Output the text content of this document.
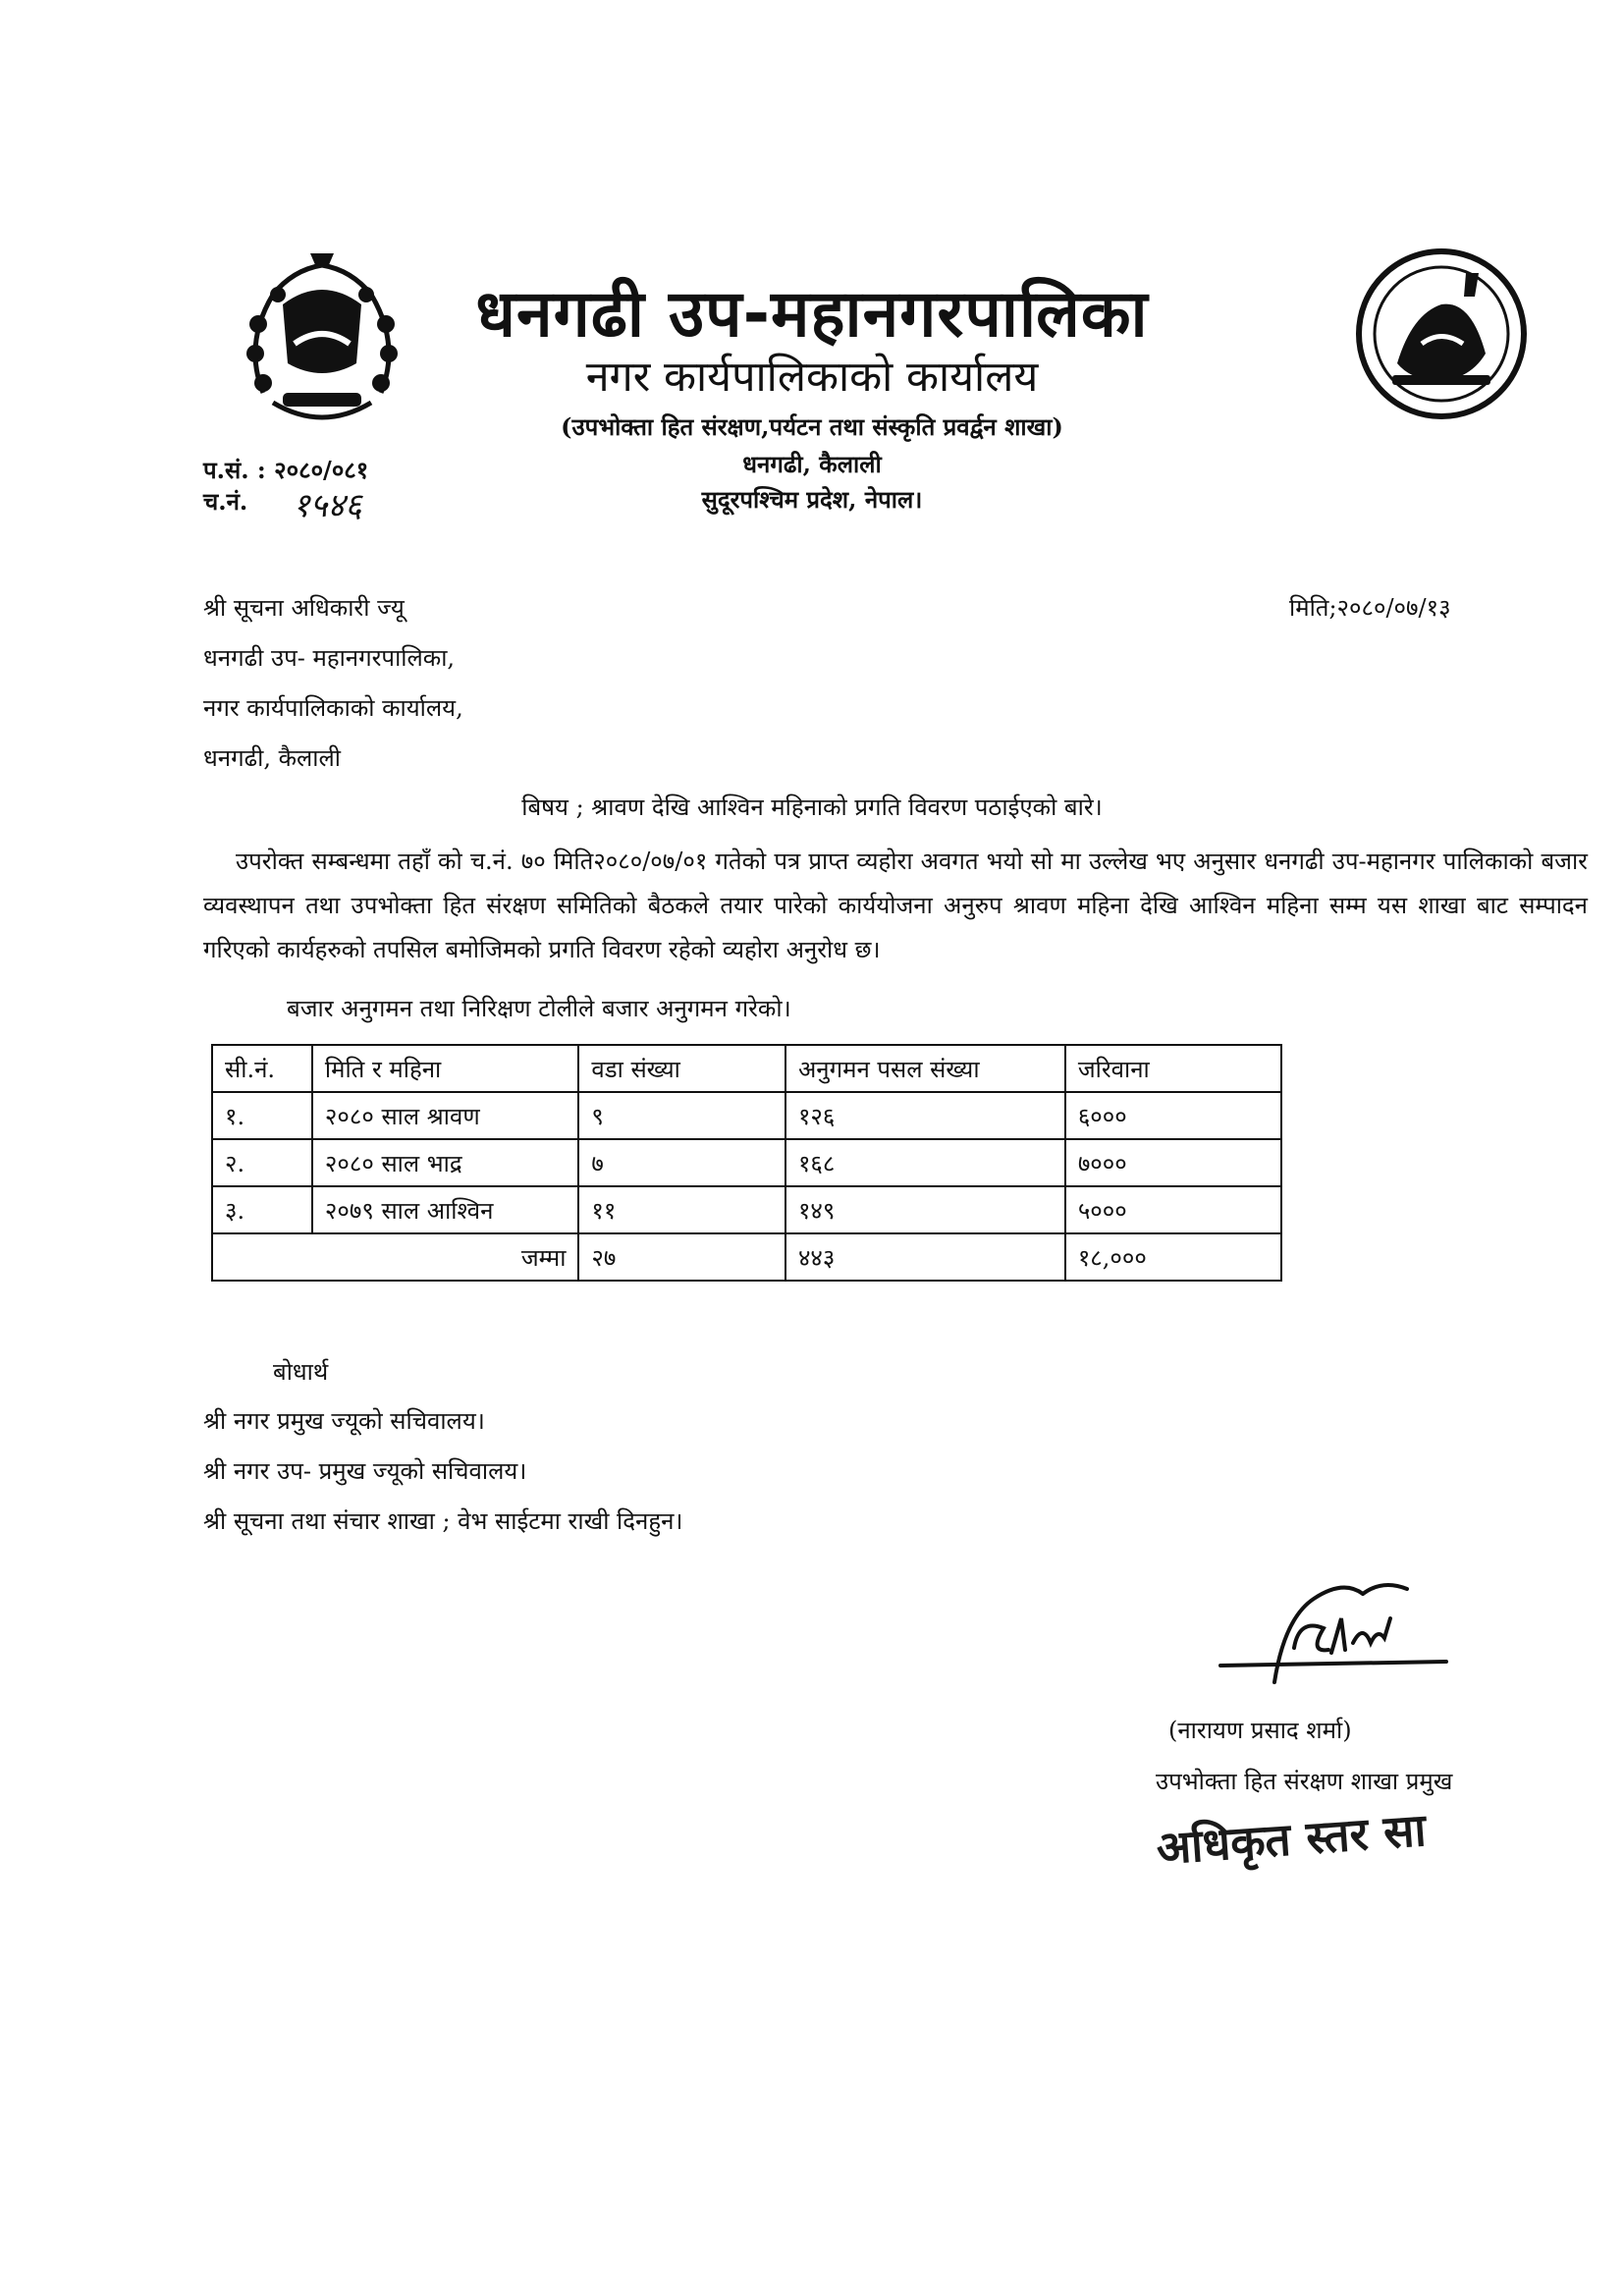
धनगढी उप-महानगरपालिका
नगर कार्यपालिकाको कार्यालय
(उपभोक्ता हित संरक्षण,पर्यटन तथा संस्कृति प्रवर्द्वन शाखा)
धनगढी, कैलाली
सुदूरपश्चिम प्रदेश, नेपाल।
प.सं. : २०८०/०८१
च.नं. १५४६
मिति;२०८०/०७/१३
श्री सूचना अधिकारी ज्यू
धनगढी उप- महानगरपालिका,
नगर कार्यपालिकाको कार्यालय,
धनगढी, कैलाली
बिषय ; श्रावण देखि आश्विन महिनाको प्रगति विवरण पठाईएको बारे।
उपरोक्त सम्बन्धमा तहाँ को च.नं. ७० मिति२०८०/०७/०१ गतेको पत्र प्राप्त व्यहोरा अवगत भयो सो मा उल्लेख भए अनुसार धनगढी उप-महानगर पालिकाको बजार व्यवस्थापन तथा उपभोक्ता हित संरक्षण समितिको बैठकले तयार पारेको कार्ययोजना अनुरुप श्रावण महिना देखि आश्विन महिना सम्म यस शाखा बाट सम्पादन गरिएको कार्यहरुको तपसिल बमोजिमको प्रगति विवरण रहेको व्यहोरा अनुरोध छ।
बजार अनुगमन तथा निरिक्षण टोलीले बजार अनुगमन गरेको।
सी.नं.	मिति र महिना	वडा संख्या	अनुगमन पसल संख्या	जरिवाना
१.	२०८० साल श्रावण	९	१२६	६०००
२.	२०८० साल भाद्र	७	१६८	७०००
३.	२०७९ साल आश्विन	११	१४९	५०००
जम्मा		२७	४४३	१८,०००
बोधार्थ
श्री नगर प्रमुख ज्यूको सचिवालय।
श्री नगर उप- प्रमुख ज्यूको सचिवालय।
श्री सूचना तथा संचार शाखा ; वेभ साईटमा राखी दिनहुन।
(नारायण प्रसाद शर्मा)
उपभोक्ता हित संरक्षण शाखा प्रमुख
अधिकृत स्तर सा
